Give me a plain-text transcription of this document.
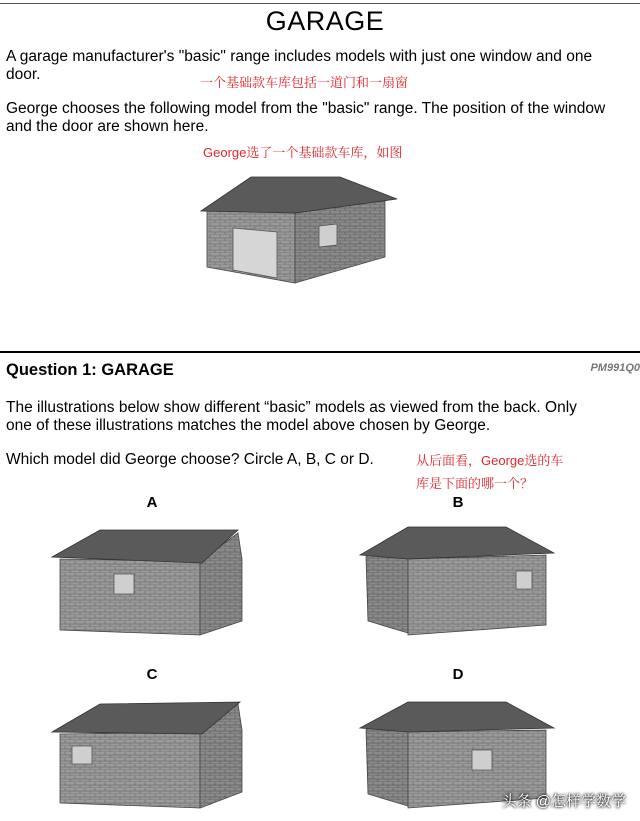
GARAGE
A garage manufacturer's "basic" range includes models with just one window and one door.	一个基础款车库包括一道门和一扇窗
George chooses the following model from the "basic" range. The position of the window and the door are shown here.
George选了一个基础款车库，如图
Question 1: GARAGE	PM991Q0
The illustrations below show different “basic” models as viewed from the back. Only one of these illustrations matches the model above chosen by George.
Which model did George choose? Circle A, B, C or D.	从后面看，George选的车
库是下面的哪一个？
A	B
C	D
头条 @怎样学数学
